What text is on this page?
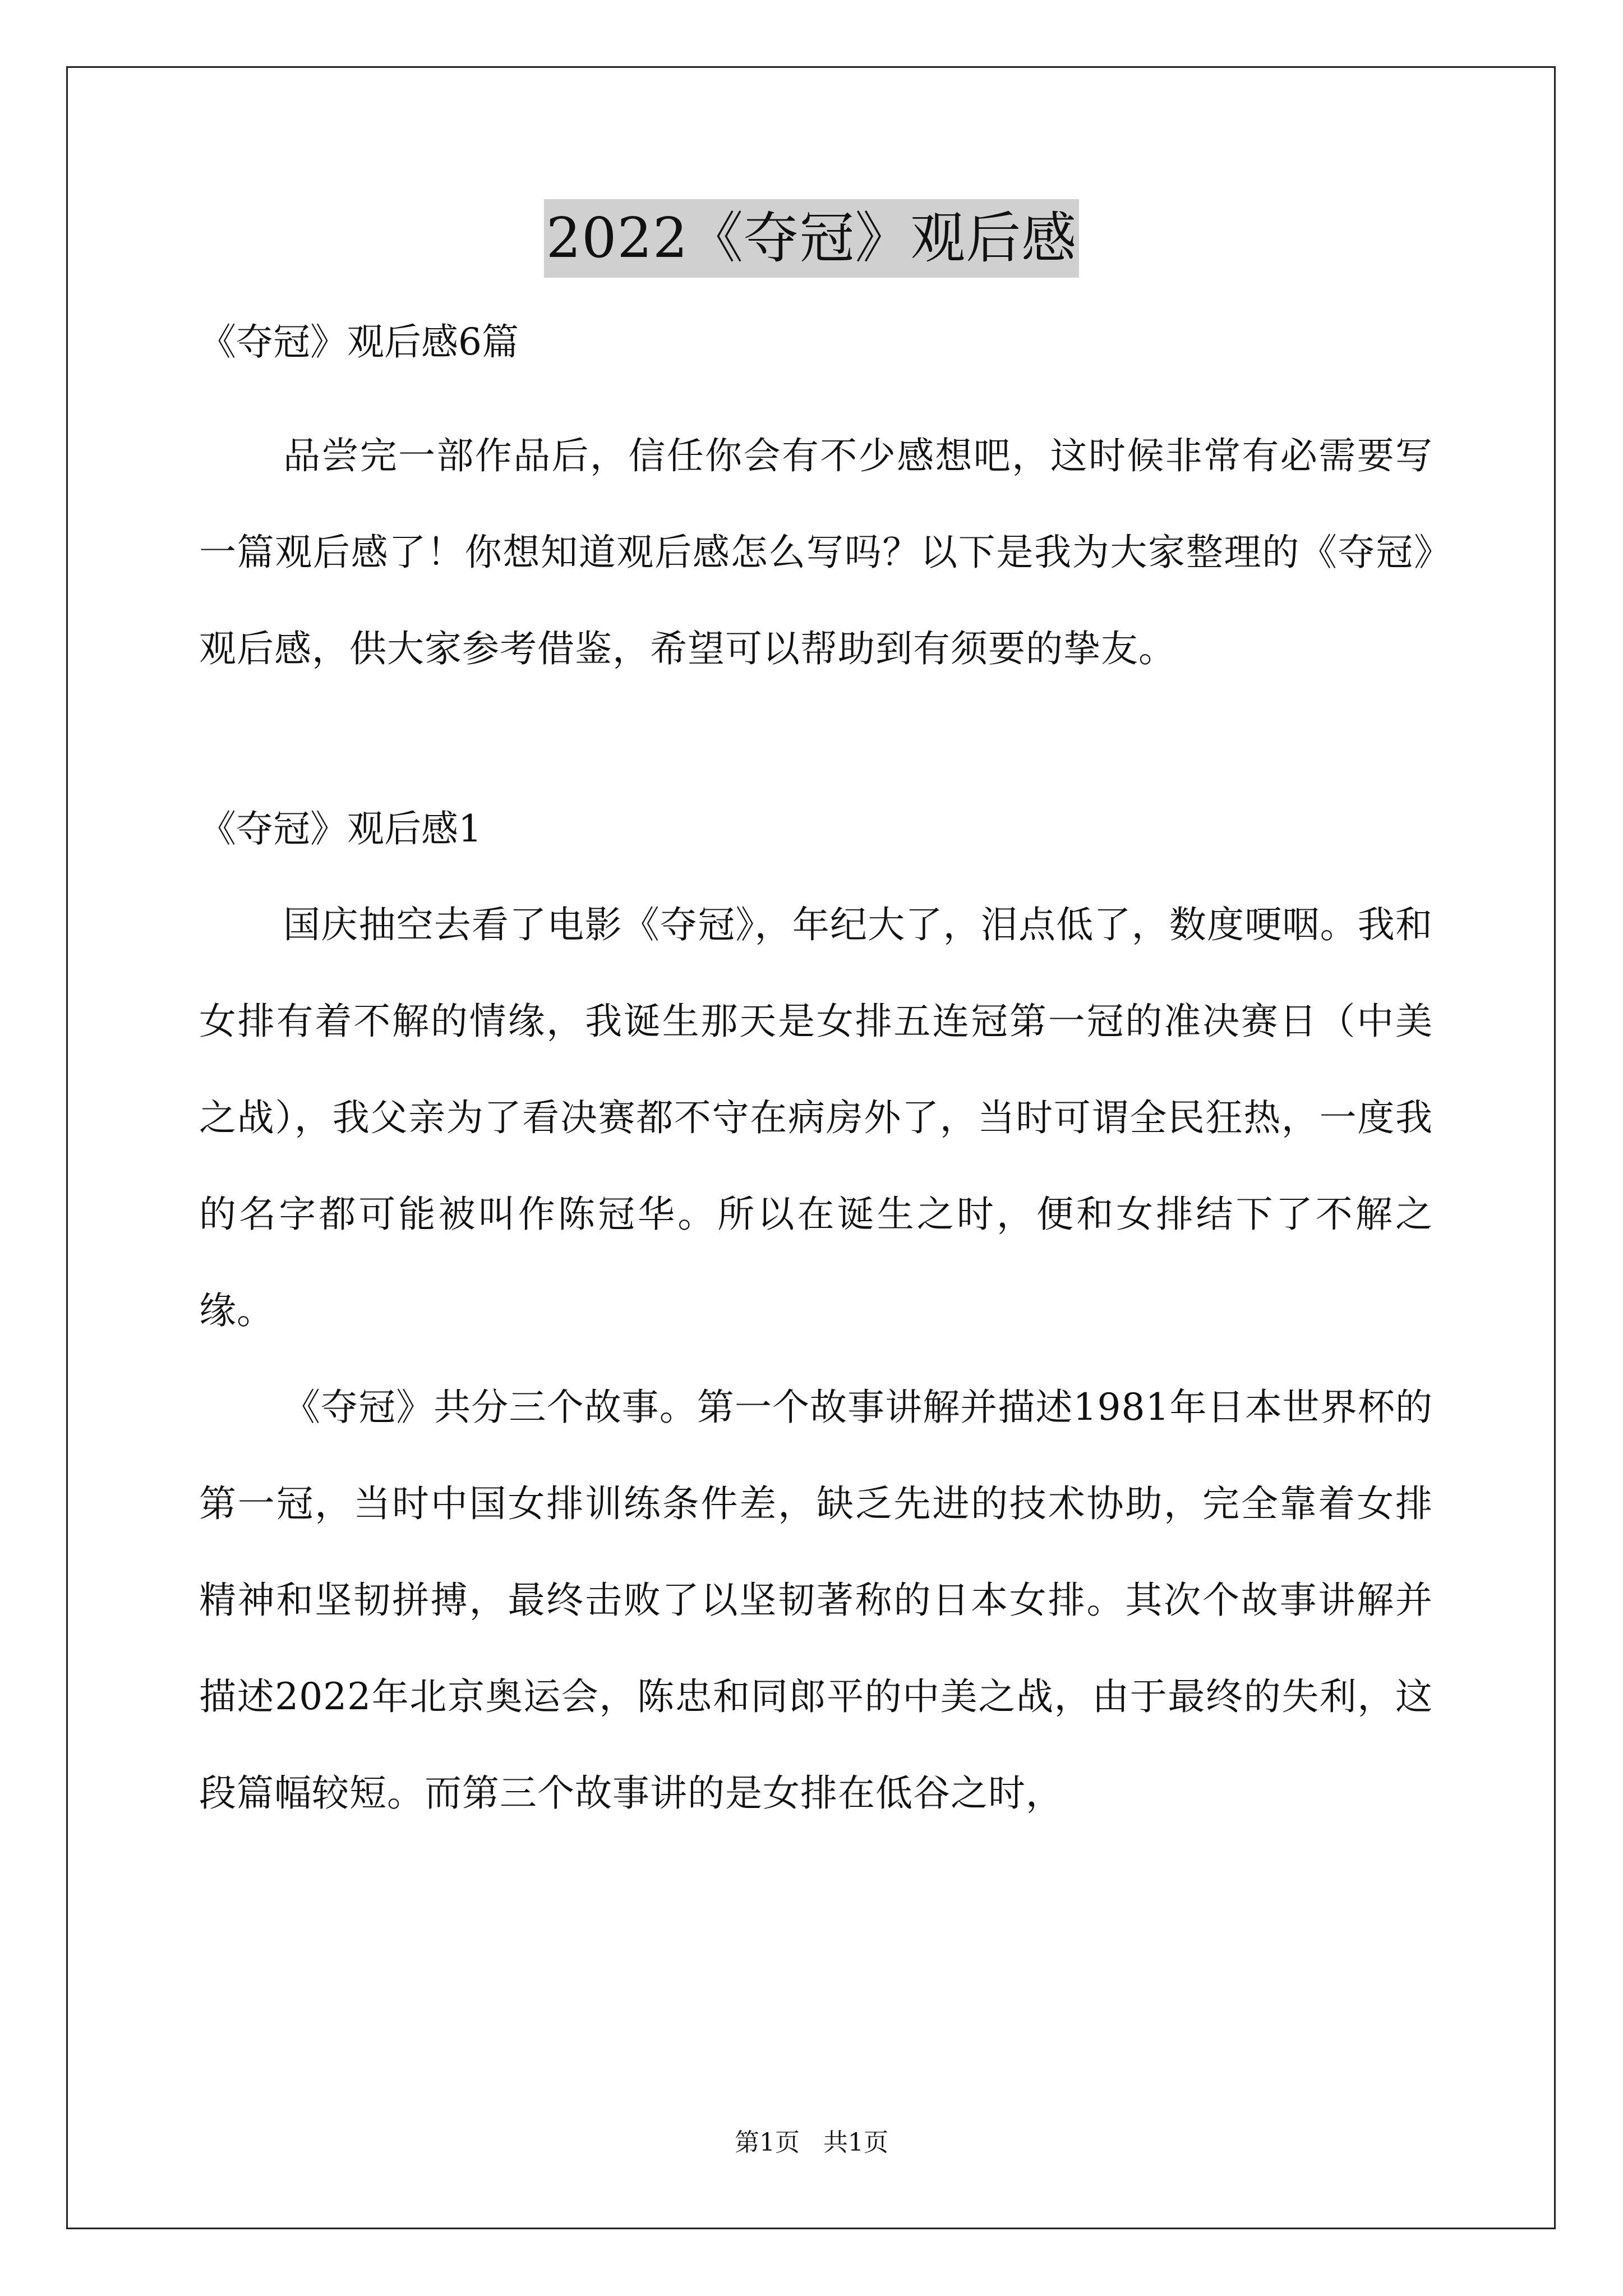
2022《夺冠》观后感

《夺冠》观后感6篇

品尝完一部作品后，信任你会有不少感想吧，这时候非常有必需要写一篇观后感了！你想知道观后感怎么写吗？以下是我为大家整理的《夺冠》观后感，供大家参考借鉴，希望可以帮助到有须要的挚友。

《夺冠》观后感1

国庆抽空去看了电影《夺冠》，年纪大了，泪点低了，数度哽咽。我和女排有着不解的情缘，我诞生那天是女排五连冠第一冠的准决赛日（中美之战），我父亲为了看决赛都不守在病房外了，当时可谓全民狂热，一度我的名字都可能被叫作陈冠华。所以在诞生之时，便和女排结下了不解之缘。

《夺冠》共分三个故事。第一个故事讲解并描述1981年日本世界杯的第一冠，当时中国女排训练条件差，缺乏先进的技术协助，完全靠着女排精神和坚韧拼搏，最终击败了以坚韧著称的日本女排。其次个故事讲解并描述2022年北京奥运会，陈忠和同郎平的中美之战，由于最终的失利，这段篇幅较短。而第三个故事讲的是女排在低谷之时，

第1页   共1页
